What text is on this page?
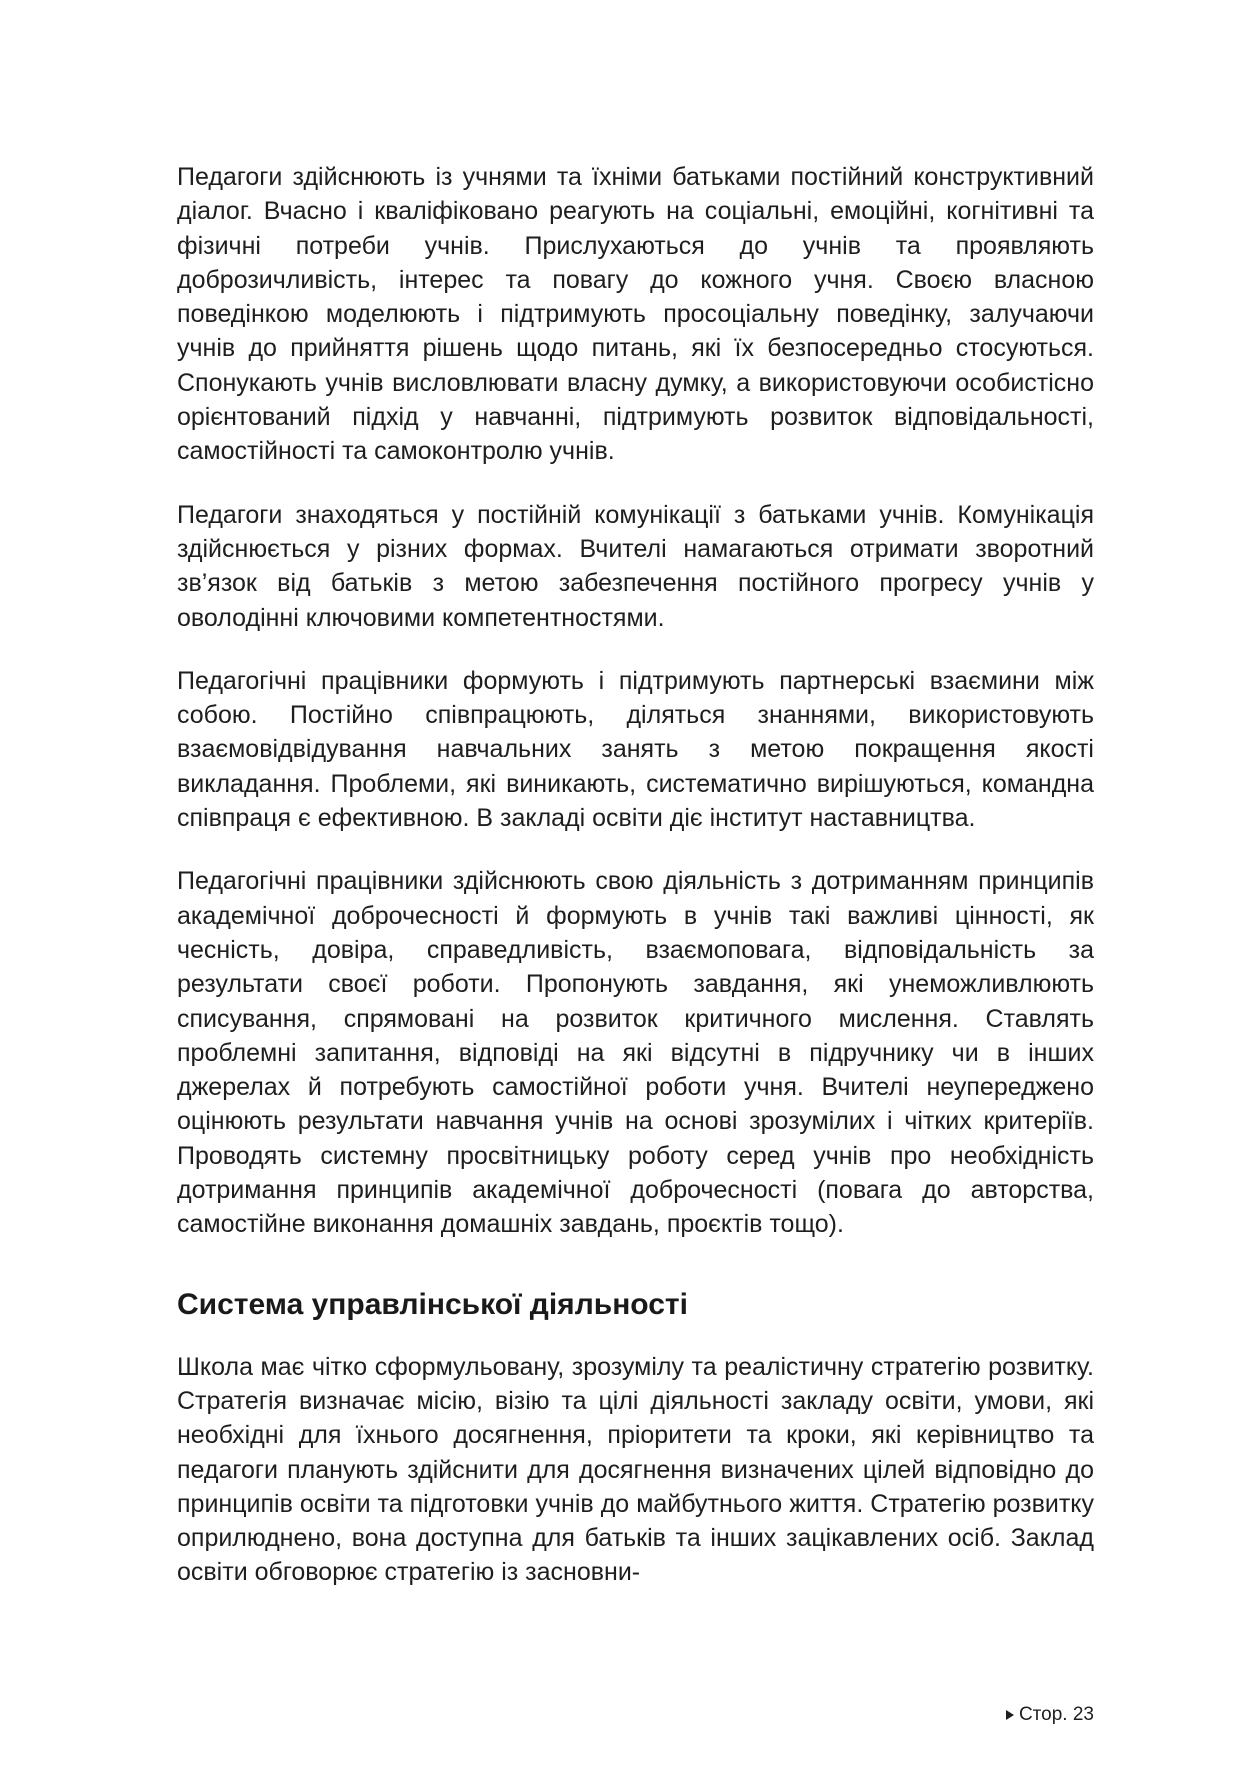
Педагоги здійснюють із учнями та їхніми батьками постійний конструктивний діалог. Вчасно і кваліфіковано реагують на соціальні, емоційні, когнітивні та фізичні потреби учнів. Прислухаються до учнів та проявляють доброзичливість, інтерес та повагу до кожного учня. Своєю власною поведінкою моделюють і підтримують просоціальну поведінку, залучаючи учнів до прийняття рішень щодо питань, які їх безпосередньо стосуються. Спонукають учнів висловлювати власну думку, а використовуючи особистісно орієнтований підхід у навчанні, підтримують розвиток відповідальності, самостійності та самоконтролю учнів.

Педагоги знаходяться у постійній комунікації з батьками учнів. Комунікація здійснюється у різних формах. Вчителі намагаються отримати зворотний зв’язок від батьків з метою забезпечення постійного прогресу учнів у оволодінні ключовими компетентностями.

Педагогічні працівники формують і підтримують партнерські взаємини між собою. Постійно співпрацюють, діляться знаннями, використовують взаємовідвідування навчальних занять з метою покращення якості викладання. Проблеми, які виникають, систематично вирішуються, командна співпраця є ефективною. В закладі освіти діє інститут наставництва.

Педагогічні працівники здійснюють свою діяльність з дотриманням принципів академічної доброчесності й формують в учнів такі важливі цінності, як чесність, довіра, справедливість, взаємоповага, відповідальність за результати своєї роботи. Пропонують завдання, які унеможливлюють списування, спрямовані на розвиток критичного мислення. Ставлять проблемні запитання, відповіді на які відсутні в підручнику чи в інших джерелах й потребують самостійної роботи учня. Вчителі неупереджено оцінюють результати навчання учнів на основі зрозумілих і чітких критеріїв. Проводять системну просвітницьку роботу серед учнів про необхідність дотримання принципів академічної доброчесності (повага до авторства, самостійне виконання домашніх завдань, проєктів тощо).

Система управлінської діяльності

Школа має чітко сформульовану, зрозумілу та реалістичну стратегію розвитку. Стратегія визначає місію, візію та цілі діяльності закладу освіти, умови, які необхідні для їхнього досягнення, пріоритети та кроки, які керівництво та педагоги планують здійснити для досягнення визначених цілей відповідно до принципів освіти та підготовки учнів до майбутнього життя. Стратегію розвитку оприлюднено, вона доступна для батьків та інших зацікавлених осіб. Заклад освіти обговорює стратегію із засновни-

Стор. 23
